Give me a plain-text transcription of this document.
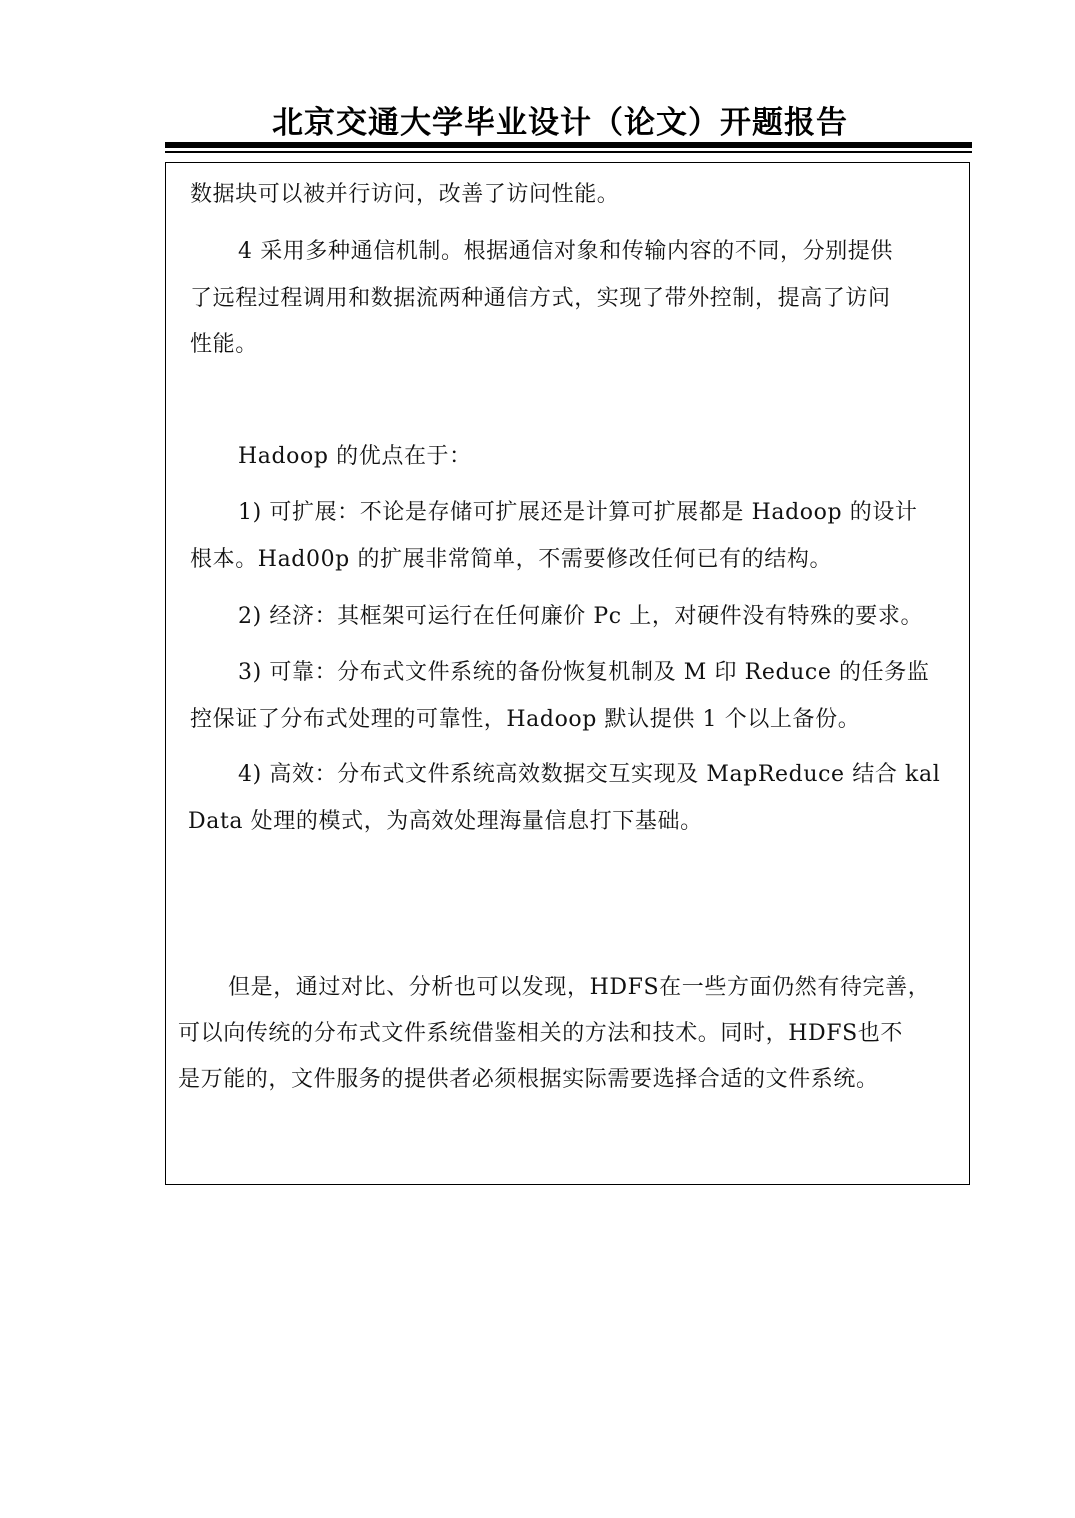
北京交通大学毕业设计（论文）开题报告
数据块可以被并行访问，改善了访问性能。
4 采用多种通信机制。根据通信对象和传输内容的不同，分别提供
了远程过程调用和数据流两种通信方式，实现了带外控制，提高了访问
性能。
Hadoop 的优点在于：
1) 可扩展：不论是存储可扩展还是计算可扩展都是 Hadoop 的设计
根本。Had00p 的扩展非常简单，不需要修改任何已有的结构。
2) 经济：其框架可运行在任何廉价 Pc 上，对硬件没有特殊的要求。
3) 可靠：分布式文件系统的备份恢复机制及 M 印 Reduce 的任务监
控保证了分布式处理的可靠性，Hadoop 默认提供 1 个以上备份。
4) 高效：分布式文件系统高效数据交互实现及 MapReduce 结合 kal
Data 处理的模式，为高效处理海量信息打下基础。
但是，通过对比、分析也可以发现，HDFS在一些方面仍然有待完善，
可以向传统的分布式文件系统借鉴相关的方法和技术。同时，HDFS也不
是万能的，文件服务的提供者必须根据实际需要选择合适的文件系统。
